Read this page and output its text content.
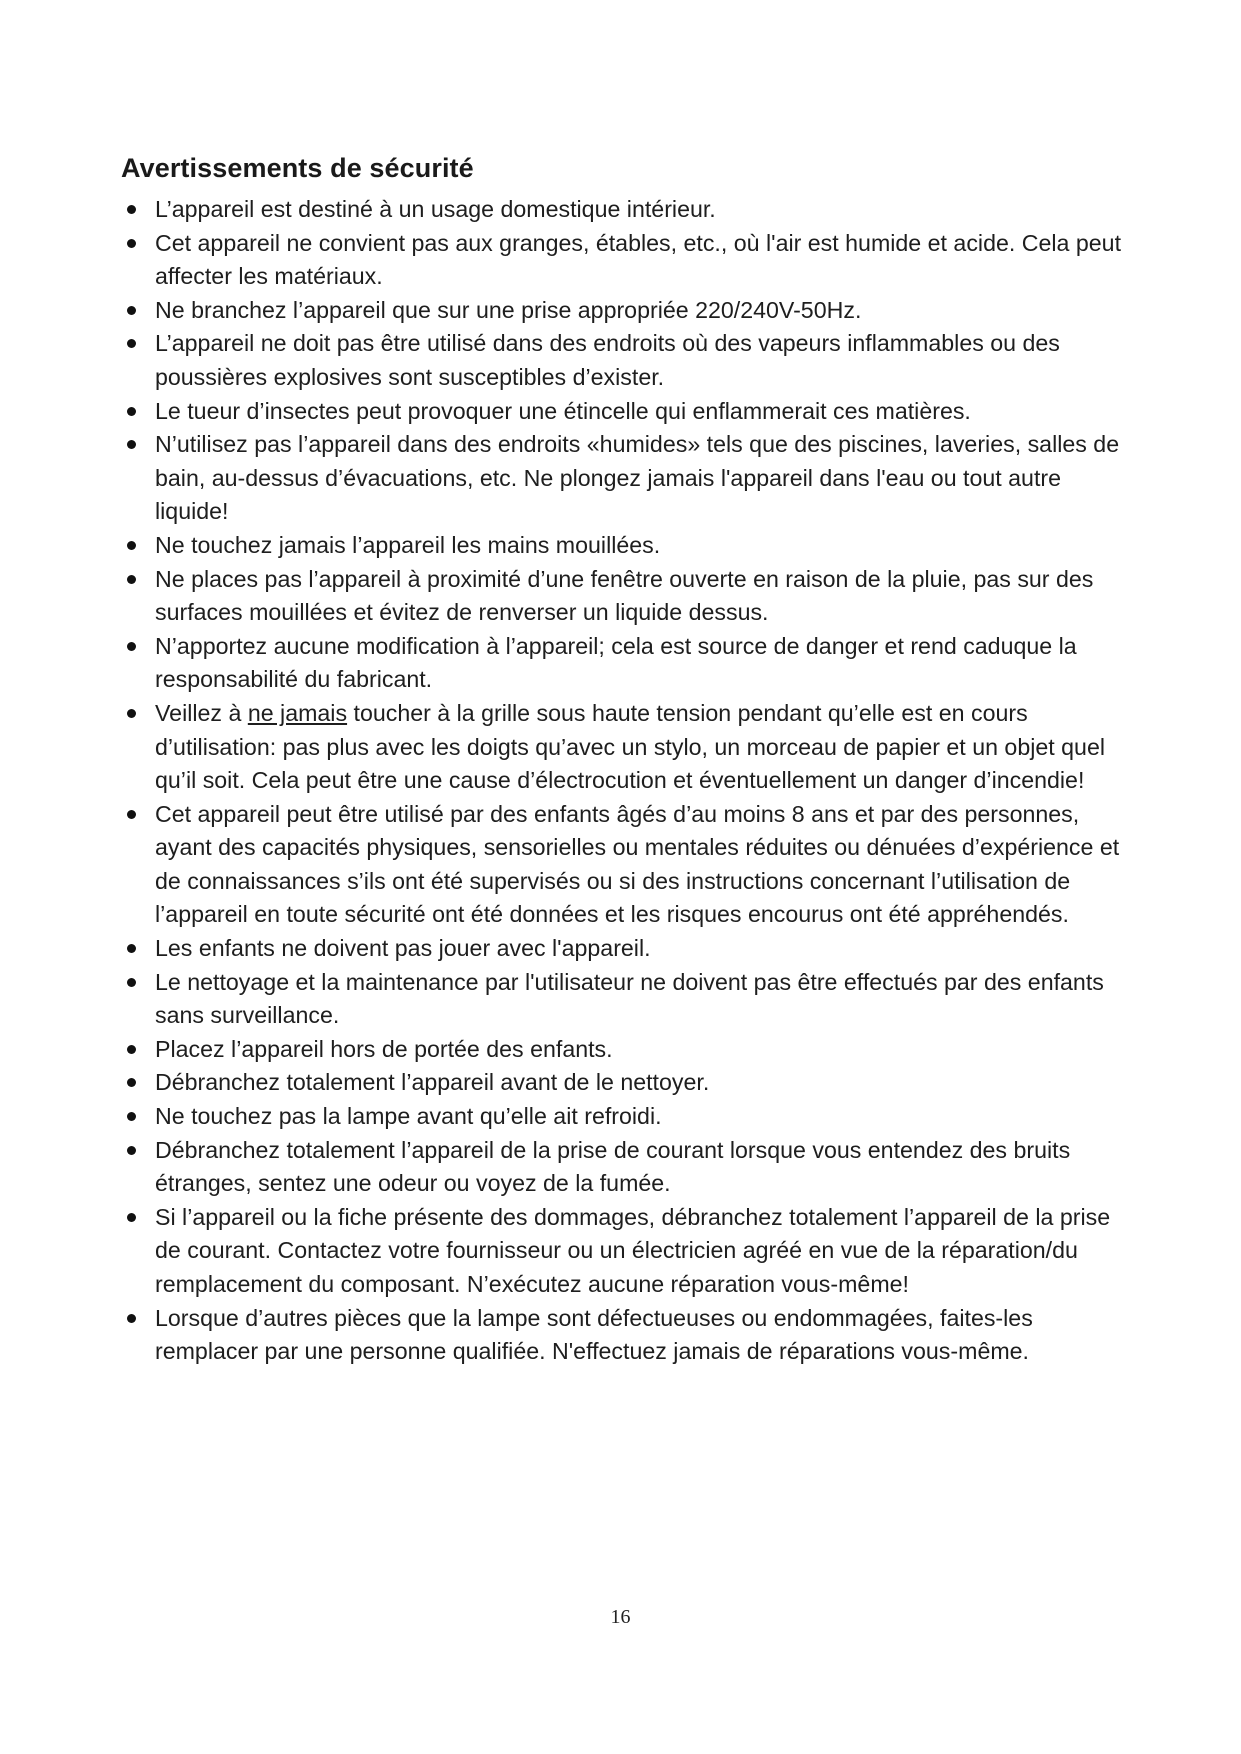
Avertissements de sécurité
L’appareil est destiné à un usage domestique intérieur.
Cet appareil ne convient pas aux granges, étables, etc., où l'air est humide et acide. Cela peut affecter les matériaux.
Ne branchez l’appareil que sur une prise appropriée 220/240V-50Hz.
L’appareil ne doit pas être utilisé dans des endroits où des vapeurs inflammables ou des poussières explosives sont susceptibles d’exister.
Le tueur d’insectes peut provoquer une étincelle qui enflammerait ces matières.
N’utilisez pas l’appareil dans des endroits «humides» tels que des piscines, laveries, salles de bain, au-dessus d’évacuations, etc. Ne plongez jamais l'appareil dans l'eau ou tout autre liquide!
Ne touchez jamais l’appareil les mains mouillées.
Ne places pas l’appareil à proximité d’une fenêtre ouverte en raison de la pluie, pas sur des surfaces mouillées et évitez de renverser un liquide dessus.
N’apportez aucune modification à l’appareil; cela est source de danger et rend caduque la responsabilité du fabricant.
Veillez à ne jamais toucher à la grille sous haute tension pendant qu’elle est en cours d’utilisation: pas plus avec les doigts qu’avec un stylo, un morceau de papier et un objet quel qu’il soit. Cela peut être une cause d’électrocution et éventuellement un danger d’incendie!
Cet appareil peut être utilisé par des enfants âgés d’au moins 8 ans et par des personnes, ayant des capacités physiques, sensorielles ou mentales réduites ou dénuées d’expérience et de connaissances s’ils ont été supervisés ou si des instructions concernant l’utilisation de l’appareil en toute sécurité ont été données et les risques encourus ont été appréhendés.
Les enfants ne doivent pas jouer avec l'appareil.
Le nettoyage et la maintenance par l'utilisateur ne doivent pas être effectués par des enfants sans surveillance.
Placez l’appareil hors de portée des enfants.
Débranchez totalement l’appareil avant de le nettoyer.
Ne touchez pas la lampe avant qu’elle ait refroidi.
Débranchez totalement l’appareil de la prise de courant lorsque vous entendez des bruits étranges, sentez une odeur ou voyez de la fumée.
Si l’appareil ou la fiche présente des dommages, débranchez totalement l’appareil de la prise de courant. Contactez votre fournisseur ou un électricien agréé en vue de la réparation/du remplacement du composant. N’exécutez aucune réparation vous-même!
Lorsque d’autres pièces que la lampe sont défectueuses ou endommagées, faites-les remplacer par une personne qualifiée. N'effectuez jamais de réparations vous-même.
16
